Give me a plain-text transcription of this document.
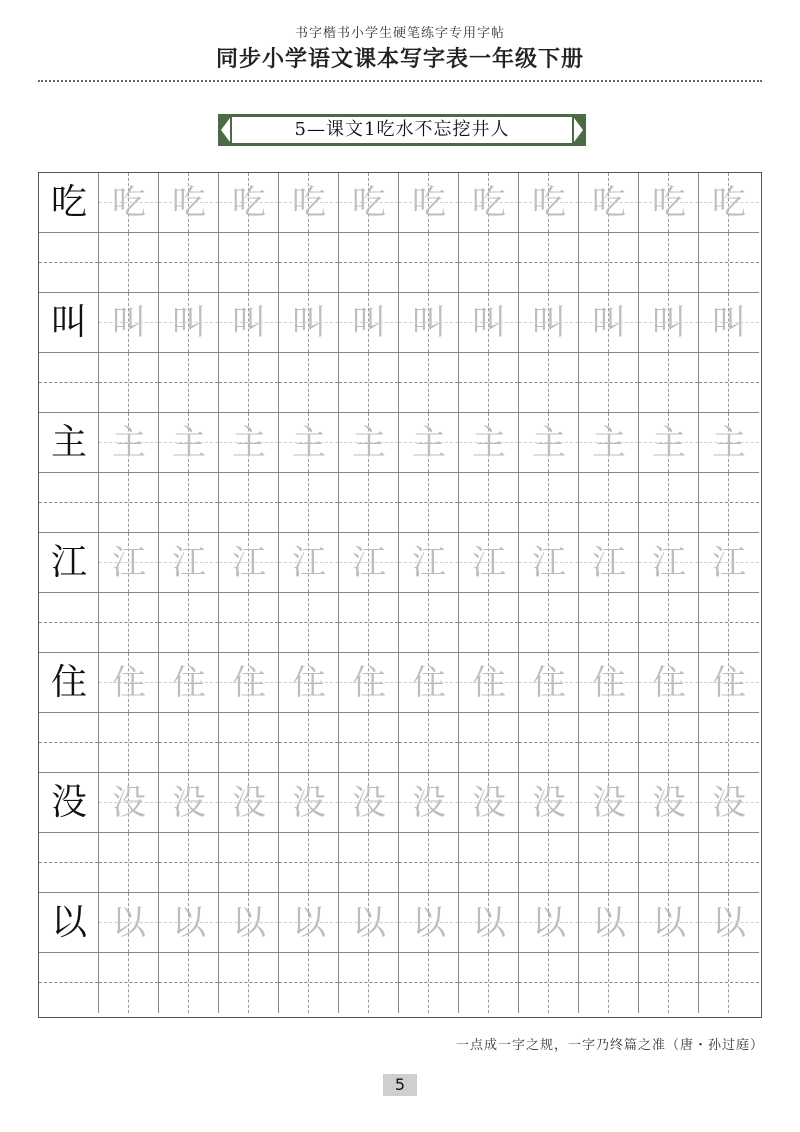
书字楷书小学生硬笔练字专用字帖
同步小学语文课本写字表一年级下册
5—课文1吃水不忘挖井人
吃 吃 吃 吃 吃 吃 吃 吃 吃 吃 吃 吃
叫 叫 叫 叫 叫 叫 叫 叫 叫 叫 叫 叫
主 主 主 主 主 主 主 主 主 主 主 主
江 江 江 江 江 江 江 江 江 江 江 江
住 住 住 住 住 住 住 住 住 住 住 住
没 没 没 没 没 没 没 没 没 没 没 没
以 以 以 以 以 以 以 以 以 以 以 以
一点成一字之规，一字乃终篇之准（唐・孙过庭）
5
